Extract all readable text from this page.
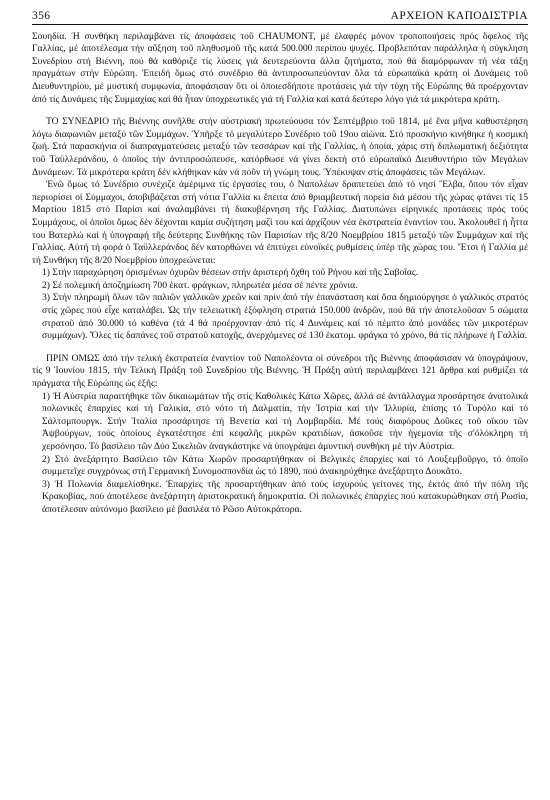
356	ΑΡΧΕΙΟΝ ΚΑΠΟΔΙΣΤΡΙΑ

Σουηδία. Ἡ συνθήκη περιλαμβάνει τίς ἀποφάσεις τοῦ CHAUMONT, μέ ἐλαφρές μόνον τροποποιήσεις πρός ὄφελος τῆς Γαλλίας, μέ ἀποτέλεσμα τήν αὔξηση τοῦ πληθυσμοῦ τῆς κατά 500.000 περίπου ψυχές. Προβλεπόταν παράλληλα ἡ σύγκληση Συνεδρίου στή Βιέννη, πού θά καθόριζε τίς λύσεις γιά δευτερεύοντα ἄλλα ζητήματα, πού θά διαμόρφωναν τή νέα τάξη πραγμάτων στήν Εὐρώπη. Ἐπειδή ὅμως στό συνέδριο θά ἀντιπροσωπεύονταν ὅλα τά εὐρωπαϊκά κράτη οἱ Δυνάμεις τοῦ Διευθυντηρίου, μέ μυστική συμφωνία, ἀποφάσισαν ὅτι οἱ ὁποιεσδήποτε προτάσεις γιά τήν τύχη τῆς Εὐρώπης θά προέρχονταν ἀπό τίς Δυνάμεις τῆς Συμμαχίας καί θά ἦταν ὑποχρεωτικές γιά τή Γαλλία καί κατά δεύτερο λόγο γιά τά μικρότερα κράτη.

ΤΟ ΣΥΝΕΔΡΙΟ τῆς Βιέννης συνῆλθε στήν αὐστριακή πρωτεύουσα τόν Σεπτέμβριο τοῦ 1814, μέ ἕνα μῆνα καθυστέρηση λόγω διαφωνιῶν μεταξύ τῶν Συμμάχων. Ὑπῆρξε τό μεγαλύτερο Συνέδριο τοῦ 19ου αἰώνα. Στό προσκήνιο κινήθηκε ἡ κοσμική ζωή. Στά παρασκήνια οἱ διαπραγματεύσεις μεταξύ τῶν τεσσάρων καί τῆς Γαλλίας, ἡ ὁποία, χάρις στή διπλωματική δεξιότητα τοῦ Ταϋλλεράνδου, ὁ ὁποῖος τήν ἀντιπροσώπευσε, κατόρθωσε νά γίνει δεκτή στό εὐρωπαϊκό Διευθυντήριο τῶν Μεγάλων Δυνάμεων. Τά μικρότερα κράτη δέν κλήθηκαν κάν νά ποῦν τή γνώμη τους. Ὑπέκυψαν στίς ἀποφάσεις τῶν Μεγάλων.

Ἐνῶ ὅμως τό Συνέδριο συνέχιζε ἀμέριμνα τίς ἐργασίες του, ὁ Ναπολέων δραπετεύει ἀπό τό νησί Ἔλβα, ὅπου τόν εἶχαν περιορίσει οἱ Σύμμαχοι, ἀποβιβάζεται στή νότια Γαλλία κι ἔπειτα ἀπό θριαμβευτική πορεία διά μέσου τῆς χώρας φτάνει τίς 15 Μαρτίου 1815 στό Παρίσι καί ἀναλαμβάνει τή διακυβέρνηση τῆς Γαλλίας. Διατυπώνει εἰρηνικές προτάσεις πρός τούς Συμμάχους, οἱ ὁποῖοι ὅμως δέν δέχονται καμία συζήτηση μαζί του καί ἀρχίζουν νέα ἐκστρατεία ἐναντίον του. Ἀκολουθεῖ ἡ ἧττα του Βατερλώ καί ἡ ὑπογραφή τῆς δεύτερης Συνθήκης τῶν Παρισίων τῆς 8/20 Νοεμβρίου 1815 μεταξύ τῶν Συμμάχων καί τῆς Γαλλίας. Αὐτή τή φορά ὁ Ταϋλλεράνδος δέν κατορθώνει νά ἐπιτύχει εὐνοϊκές ρυθμίσεις ὑπέρ τῆς χώρας του. Ἔτσι ἡ Γαλλία μέ τή Συνθήκη τῆς 8/20 Νοεμβρίου ὑποχρεώνεται:

1) Στήν παραχώρηση ὁρισμένων ὀχυρῶν θέσεων στήν ἀριστερή ὄχθη τοῦ Ρήνου καί τῆς Σαβοΐας.

2) Σέ πολεμική ἀποζημίωση 700 ἑκατ. φράγκων, πληρωτέα μέσα σέ πέντε χρόνια.

3) Στήν πληρωμή ὅλων τῶν παλιῶν γαλλικῶν χρεῶν καί πρίν ἀπό τήν ἐπανάσταση καί ὅσα δημιούργησε ὁ γαλλικός στρατός στίς χῶρες πού εἶχε καταλάβει. Ὡς τήν τελειωτική ἐξόφληση στρατιά 150.000 ἀνδρῶν, πού θά τήν ἀποτελοῦσαν 5 σώματα στρατοῦ ἀπό 30.000 τό καθένα (τά 4 θά προέρχονταν ἀπό τίς 4 Δυνάμεις καί τό πέμπτο ἀπό μονάδες τῶν μικροτέρων συμμάχων). Ὅλες τίς δαπάνες τοῦ στρατοῦ κατοχῆς, ἀνερχόμενες σέ 130 ἑκατομ. φράγκα τό χρόνο, θά τίς πλήρωνε ἡ Γαλλία.

ΠΡΙΝ ΟΜΩΣ ἀπό τήν τελική ἐκστρατεία ἐναντίον τοῦ Ναπολέοντα οἱ σύνεδροι τῆς Βιέννης ἀποφάσισαν νά ὑπογράψουν, τίς 9 Ἰουνίου 1815, τήν Τελική Πράξη τοῦ Συνεδρίου τῆς Βιέννης. Ἡ Πράξη αὐτή περιλαμβάνει 121 ἄρθρα καί ρυθμίζει τά πράγματα τῆς Εὐρώπης ὡς ἑξῆς:

1) Ἡ Αὐστρία παραιτήθηκε τῶν δικαιωμάτων τῆς στίς Καθολικές Κάτω Χῶρες, ἀλλά σέ ἀντάλλαγμα προσάρτησε ἀνατολικά πολωνικές ἐπαρχίες καί τή Γαλικία, στό νότο τή Δαλματία, τήν Ἰστρία καί τήν Ἰλλυρία, ἐπίσης τό Τυρόλο καί τό Σάλτσμπουργκ. Στήν Ἰταλία προσάρτησε τή Βενετία καί τή Λομβαρδία. Μέ τούς διαφόρους Δοῦκες τοῦ οἴκου τῶν Ἁψβούργων, τούς ὁποίους ἐγκατέστησε ἐπί κεφαλῆς μικρῶν κρατιδίων, ἀσκοῦσε τήν ἡγεμονία τῆς σ'ὁλόκληρη τή χερσόνησο. Τό βασίλειο τῶν Δύο Σικελιῶν ἀναγκάστηκε νά ὑπογράψει ἀμυντική συνθήκη μέ τήν Αὐστρία.

2) Στό ἀνεξάρτητο Βασίλειο τῶν Κάτω Χωρῶν προσαρτήθηκαν οἱ Βελγικές ἐπαρχίες καί τό Λουξεμβοῦργο, τό ὁποῖο συμμετεῖχε συγχρόνως στή Γερμανική Συνομοσπονδία ὡς τό 1890, πού ἀνακηρύχθηκε ἀνεξάρτητο Δουκᾶτο.

3) Ἡ Πολωνία διαμελίσθηκε. Ἐπαρχίες τῆς προσαρτήθηκαν ἀπό τούς ἰσχυρούς γείτονες της, ἐκτός ἀπό τήν πόλη τῆς Κρακοβίας, πού ἀποτέλεσε ἀνεξάρτητη ἀριστοκρατική δημοκρατία. Οἱ πολωνικές ἐπαρχίες πού κατακυρώθηκαν στή Ρωσία, ἀποτέλεσαν αὐτόνομο βασίλειο μέ βασιλέα τό Ρῶσο Αὐτοκράτορα.
